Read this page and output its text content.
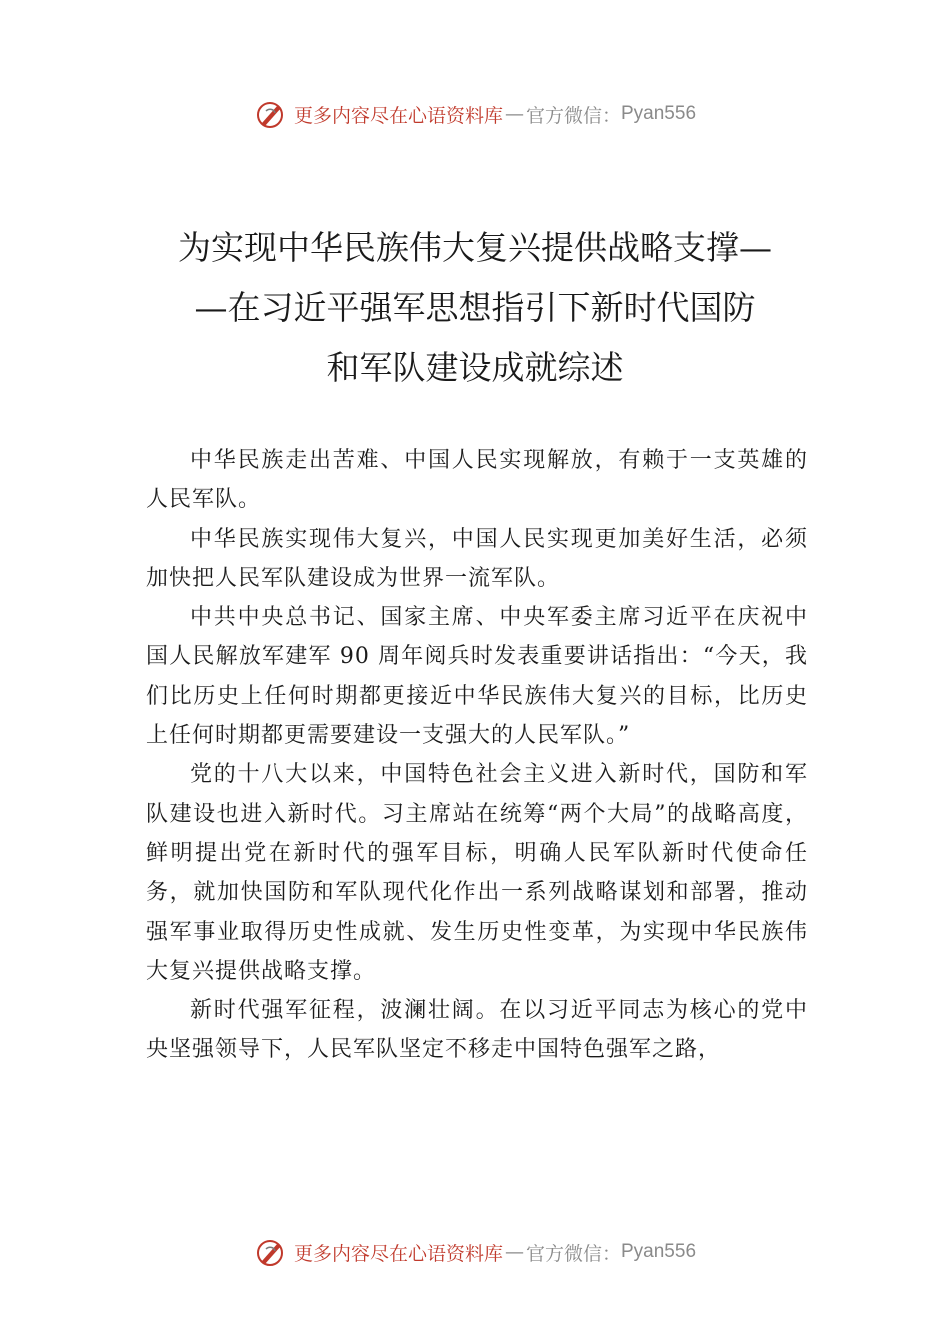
更多内容尽在心语资料库 — 官方微信： Pyan556
为实现中华民族伟大复兴提供战略支撑—
—在习近平强军思想指引下新时代国防
和军队建设成就综述

中华民族走出苦难、中国人民实现解放，有赖于一支英雄的人民军队。

中华民族实现伟大复兴，中国人民实现更加美好生活，必须加快把人民军队建设成为世界一流军队。

中共中央总书记、国家主席、中央军委主席习近平在庆祝中国人民解放军建军 90 周年阅兵时发表重要讲话指出：“今天，我们比历史上任何时期都更接近中华民族伟大复兴的目标，比历史上任何时期都更需要建设一支强大的人民军队。”

党的十八大以来，中国特色社会主义进入新时代，国防和军队建设也进入新时代。习主席站在统筹“两个大局”的战略高度，鲜明提出党在新时代的强军目标，明确人民军队新时代使命任务，就加快国防和军队现代化作出一系列战略谋划和部署，推动强军事业取得历史性成就、发生历史性变革，为实现中华民族伟大复兴提供战略支撑。

新时代强军征程，波澜壮阔。在以习近平同志为核心的党中央坚强领导下，人民军队坚定不移走中国特色强军之路，

更多内容尽在心语资料库 — 官方微信： Pyan556
